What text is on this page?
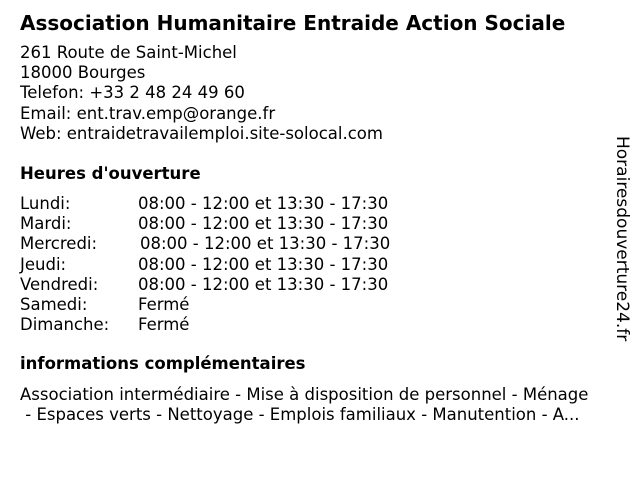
Association Humanitaire Entraide Action Sociale
261 Route de Saint-Michel
18000 Bourges
Telefon: +33 2 48 24 49 60
Email: ent.trav.emp@orange.fr
Web: entraidetravailemploi.site-solocal.com
Heures d'ouverture
Lundi:	08:00 - 12:00 et 13:30 - 17:30
Mardi:	08:00 - 12:00 et 13:30 - 17:30
Mercredi:	08:00 - 12:00 et 13:30 - 17:30
Jeudi:	08:00 - 12:00 et 13:30 - 17:30
Vendredi: 08:00 - 12:00 et 13:30 - 17:30
Samedi:	Fermé
Dimanche: Fermé
informations complémentaires
Association intermédiaire - Mise à disposition de personnel - Ménage
- Espaces verts - Nettoyage - Emplois familiaux - Manutention - A...
Horairesdouverture24.fr
